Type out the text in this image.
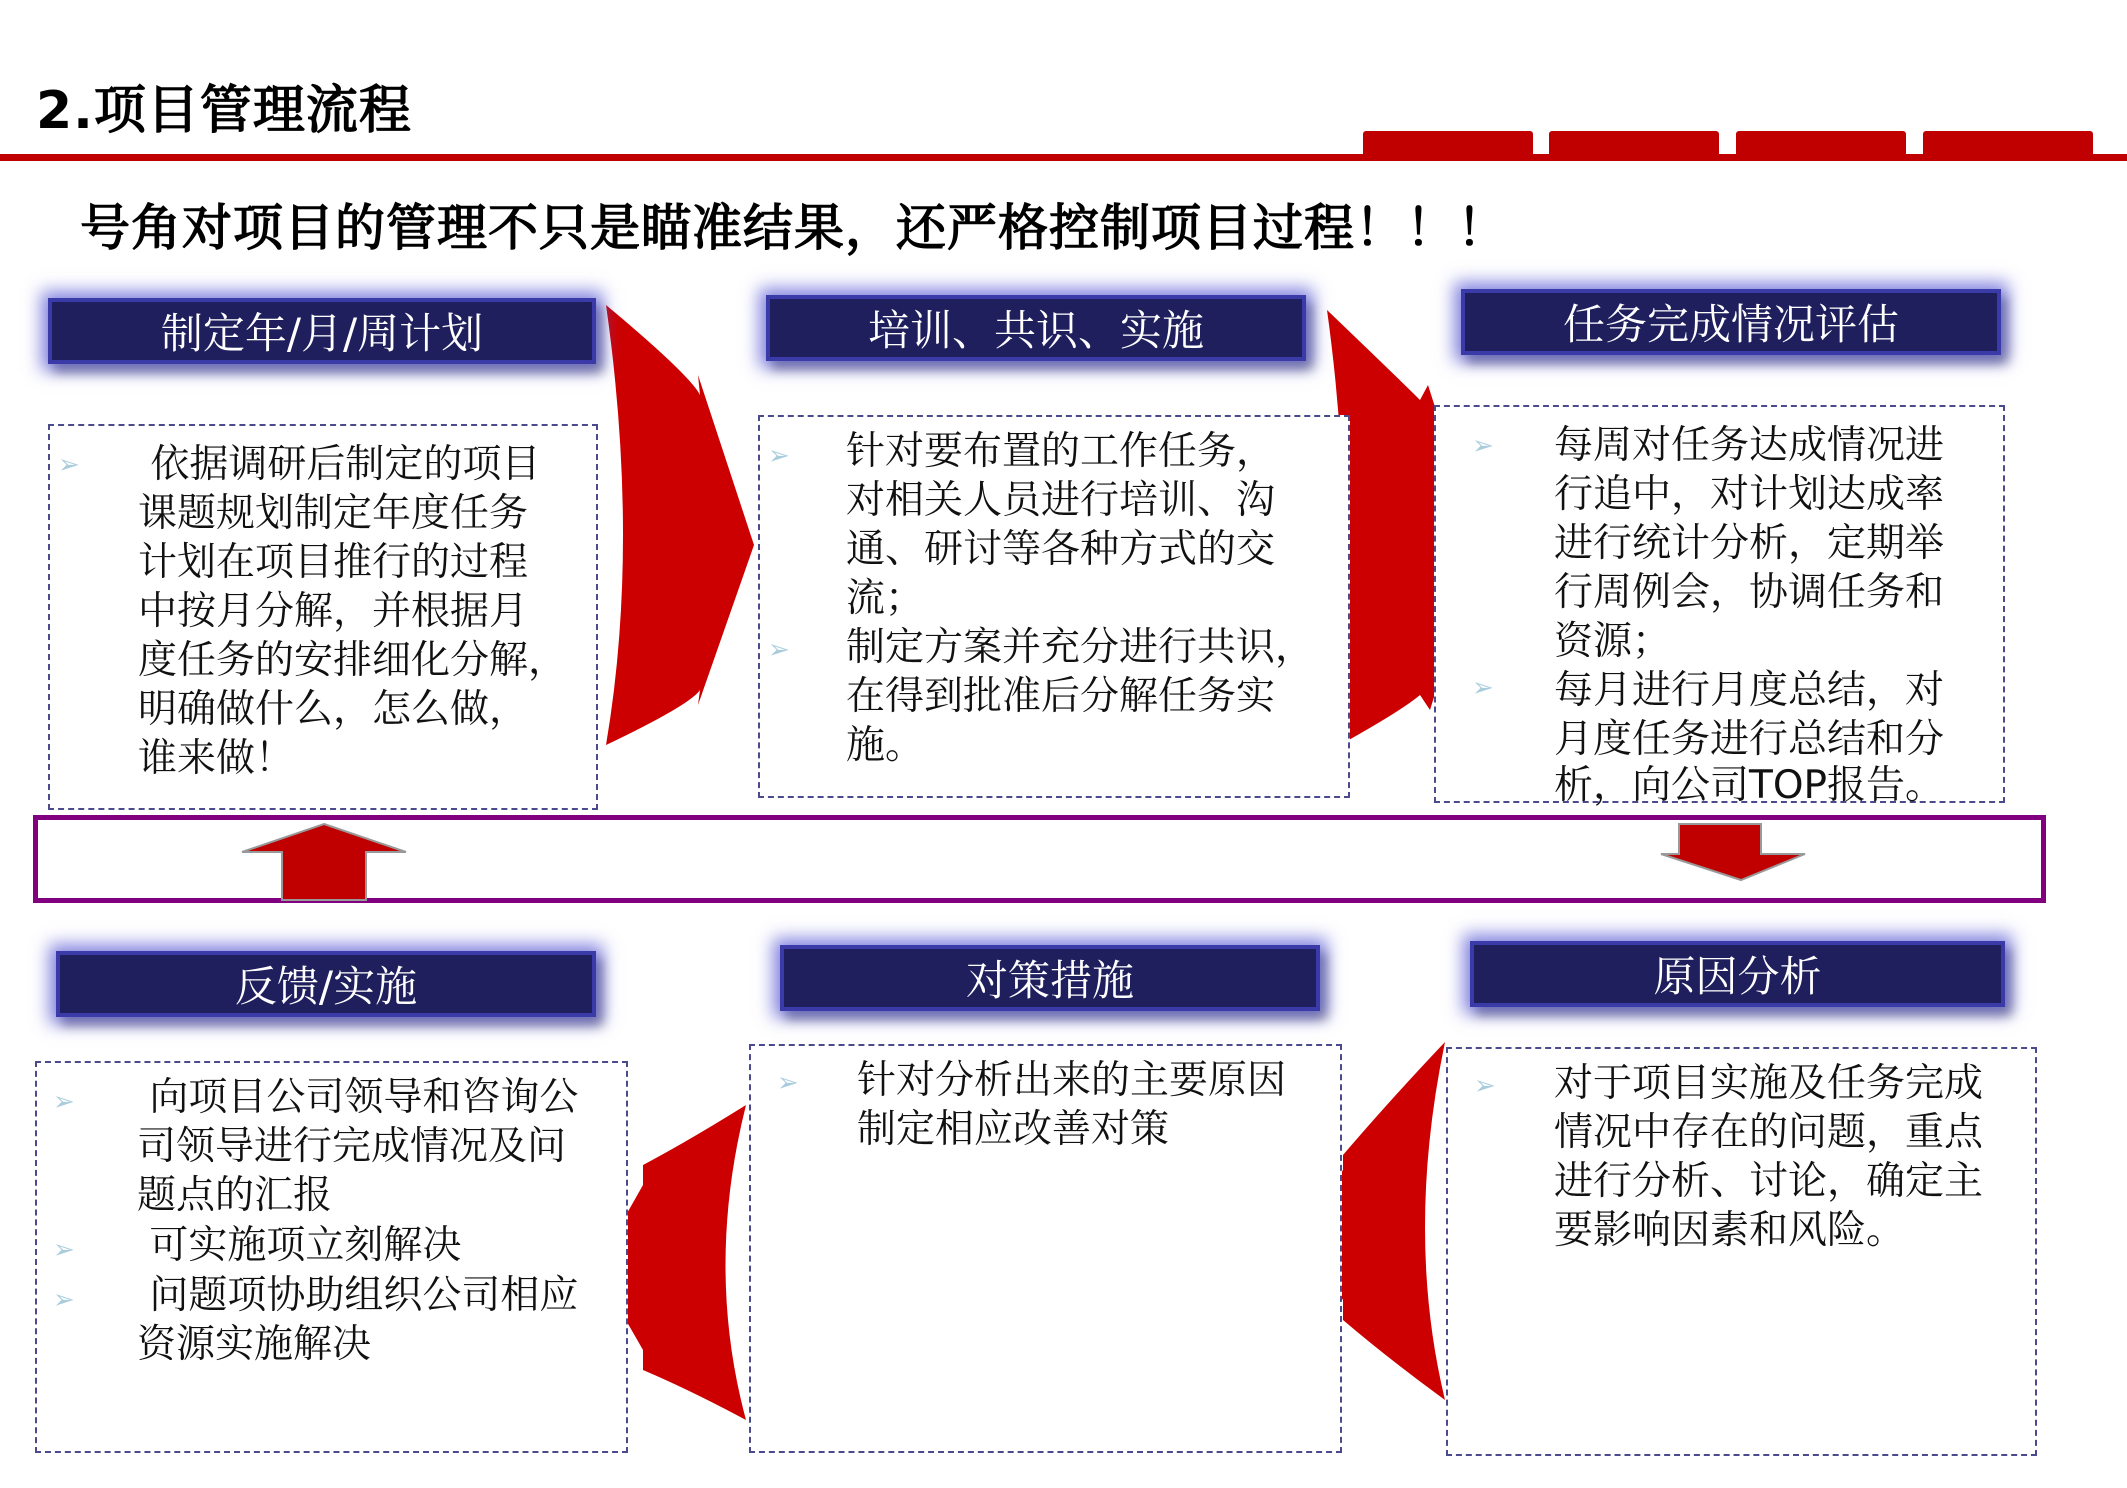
2.项目管理流程
号角对项目的管理不只是瞄准结果，还严格控制项目过程！！！
制定年/月/周计划
➢ 依据调研后制定的项目
课题规划制定年度任务
计划在项目推行的过程
中按月分解，并根据月
度任务的安排细化分解，
明确做什么，怎么做，
谁来做！
培训、共识、实施
➢
➢
针对要布置的工作任务，
对相关人员进行培训、沟
通、研讨等各种方式的交
流；
制定方案并充分进行共识，
在得到批准后分解任务实
施。
任务完成情况评估
➢
➢
每周对任务达成情况进
行追中，对计划达成率
进行统计分析，定期举
行周例会，协调任务和
资源；
每月进行月度总结，对
月度任务进行总结和分
析，向公司TOP报告。
反馈/实施
➢
➢
➢
向项目公司领导和咨询公
司领导进行完成情况及问
题点的汇报
可实施项立刻解决
问题项协助组织公司相应
资源实施解决
对策措施
➢ 针对分析出来的主要原因
制定相应改善对策
原因分析
➢ 对于项目实施及任务完成
情况中存在的问题，重点
进行分析、讨论，确定主
要影响因素和风险。
